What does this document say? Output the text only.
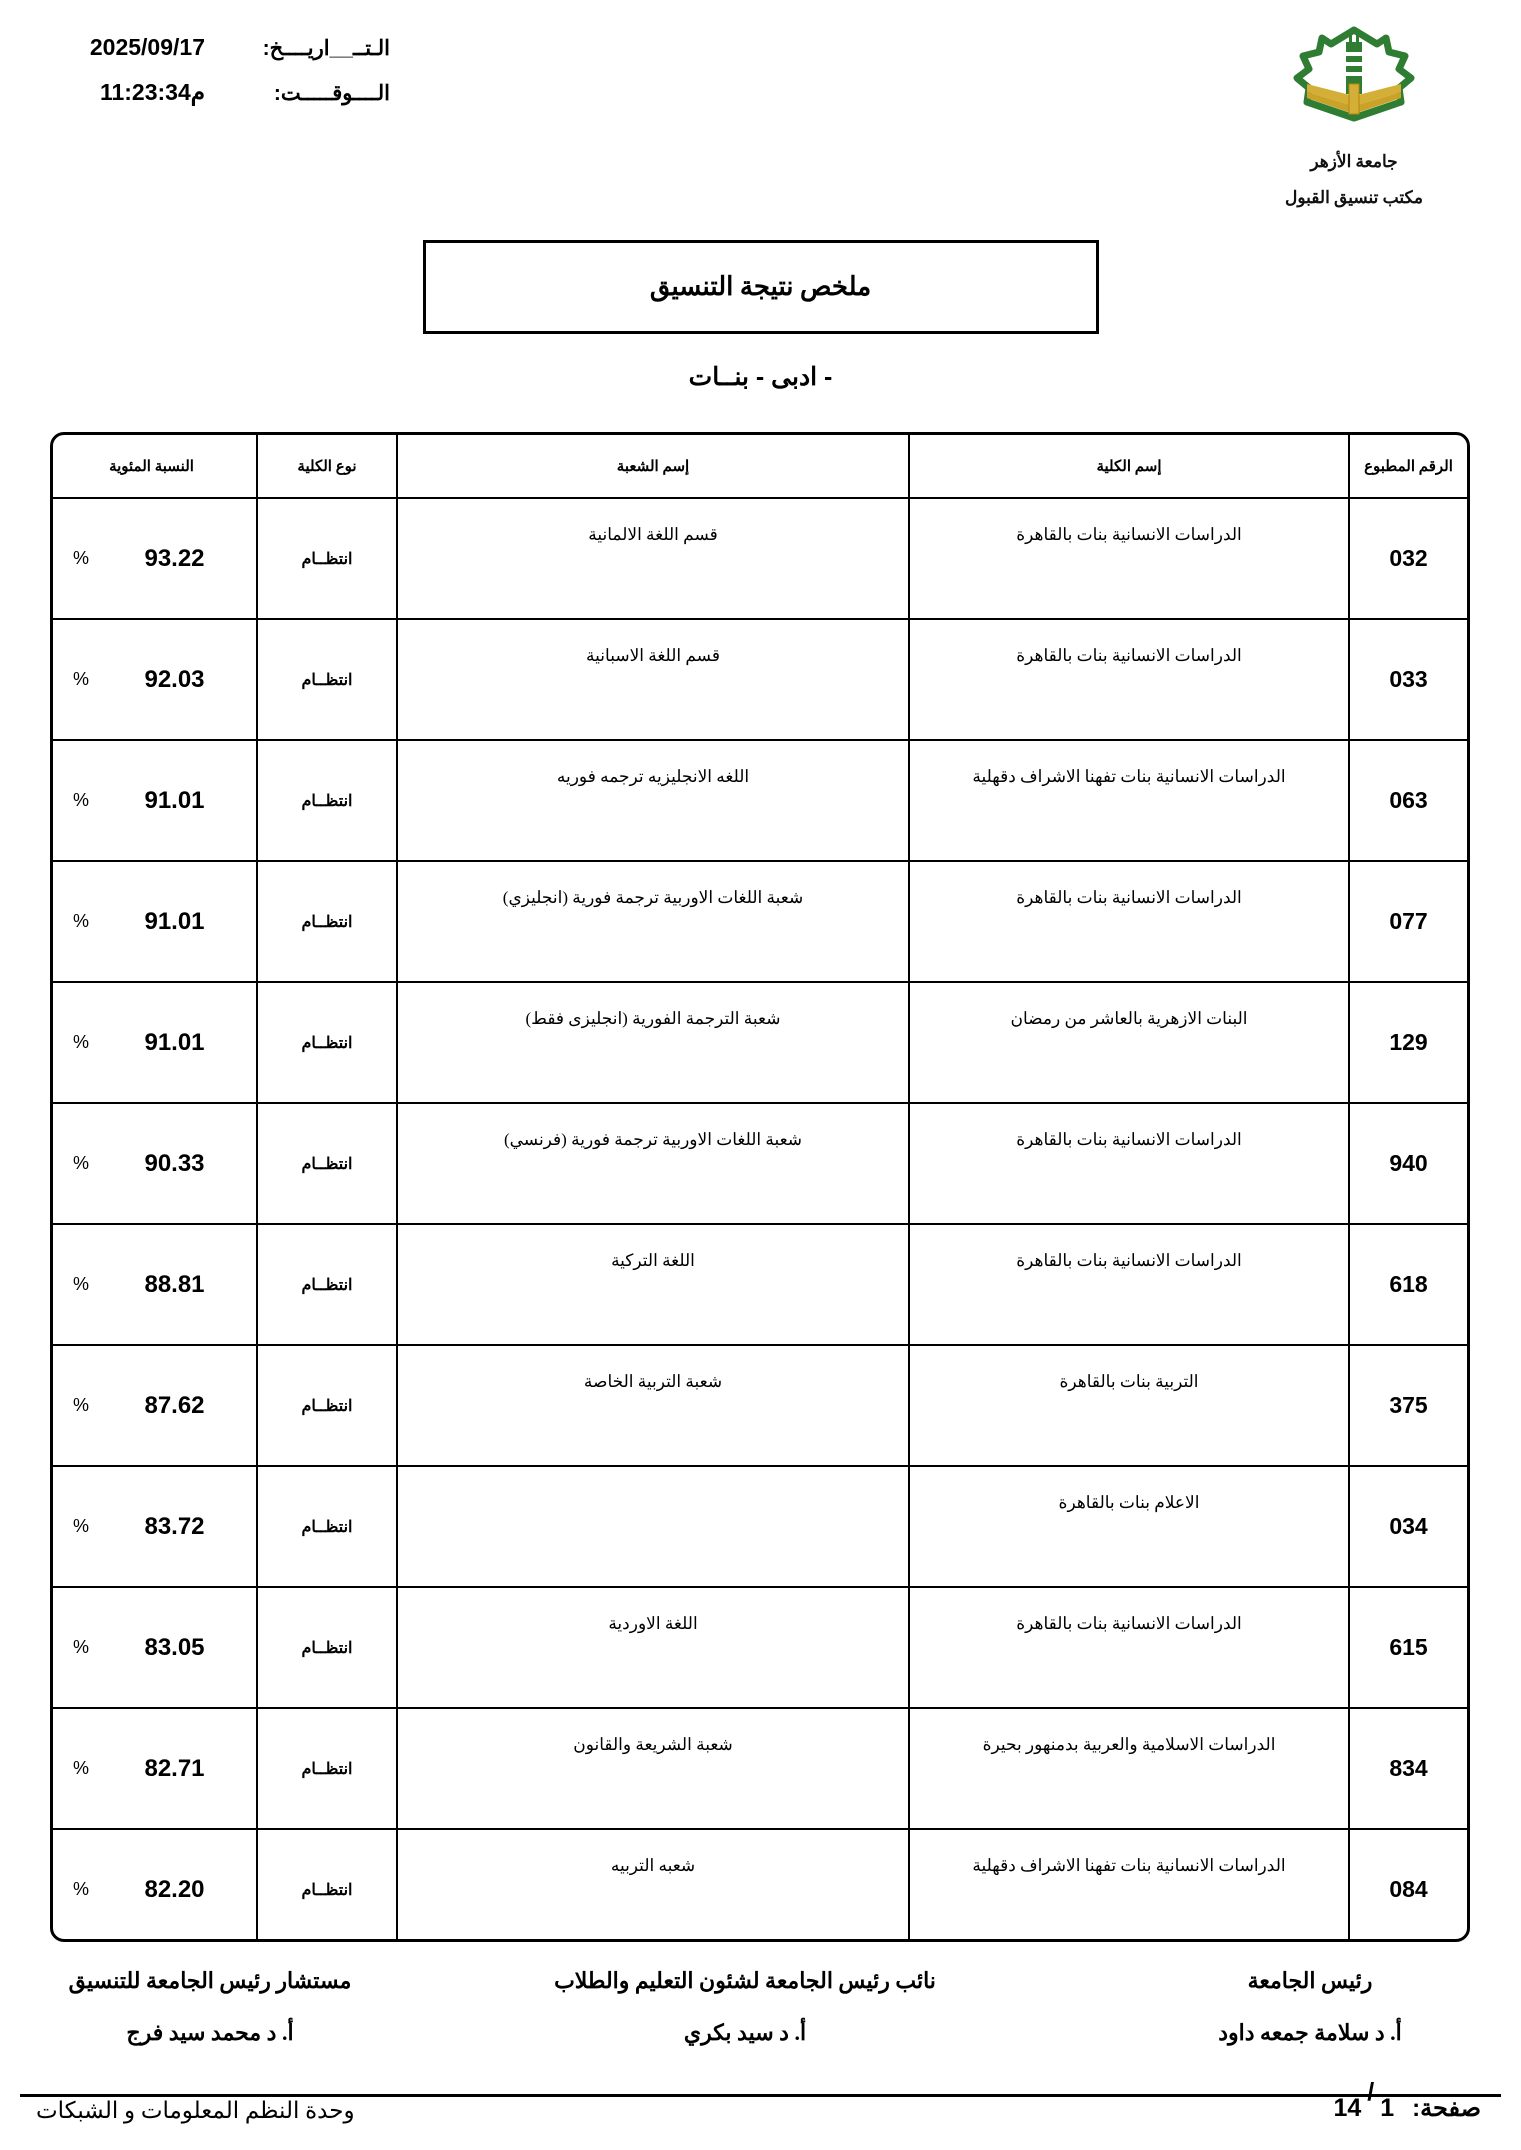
الـتــ__اريــــخ:
2025/09/17
الــــوقـــــت:
11:23:34م
جامعة الأزهر
مكتب تنسيق القبول
ملخص نتيجة التنسيق
- ادبى - بنــات
الرقم المطبوع	إسم الكلية	إسم الشعبة	نوع الكلية	النسبة المئوية
032	الدراسات الانسانية بنات بالقاهرة	قسم اللغة الالمانية	انتظــام	% 93.22

033	الدراسات الانسانية بنات بالقاهرة	قسم اللغة الاسبانية	انتظــام	% 92.03

063	الدراسات الانسانية بنات تفهنا الاشراف دقهلية	اللغه الانجليزيه ترجمه فوريه	انتظــام	% 91.01

077	الدراسات الانسانية بنات بالقاهرة	شعبة اللغات الاوربية ترجمة فورية (انجليزي)	انتظــام	% 91.01

129	البنات الازهرية بالعاشر من رمضان	شعبة الترجمة الفورية (انجليزى فقط)	انتظــام	% 91.01

940	الدراسات الانسانية بنات بالقاهرة	شعبة اللغات الاوربية ترجمة فورية (فرنسي)	انتظــام	% 90.33

618	الدراسات الانسانية بنات بالقاهرة	اللغة التركية	انتظــام	% 88.81

375	التربية بنات بالقاهرة	شعبة التربية الخاصة	انتظــام	% 87.62

034	الاعلام بنات بالقاهرة		انتظــام	% 83.72

615	الدراسات الانسانية بنات بالقاهرة	اللغة الاوردية	انتظــام	% 83.05

834	الدراسات الاسلامية والعربية بدمنهور بحيرة	شعبة الشريعة والقانون	انتظــام	% 82.71

084	الدراسات الانسانية بنات تفهنا الاشراف دقهلية	شعبه التربيه	انتظــام	% 82.20

مستشار رئيس الجامعة للتنسيق
أ. د محمد سيد فرج
نائب رئيس الجامعة لشئون التعليم والطلاب
أ. د سيد بكري
رئيس الجامعة
أ. د سلامة جمعه داود
صفحة:
1
/
14
وحدة النظم المعلومات و الشبكات
